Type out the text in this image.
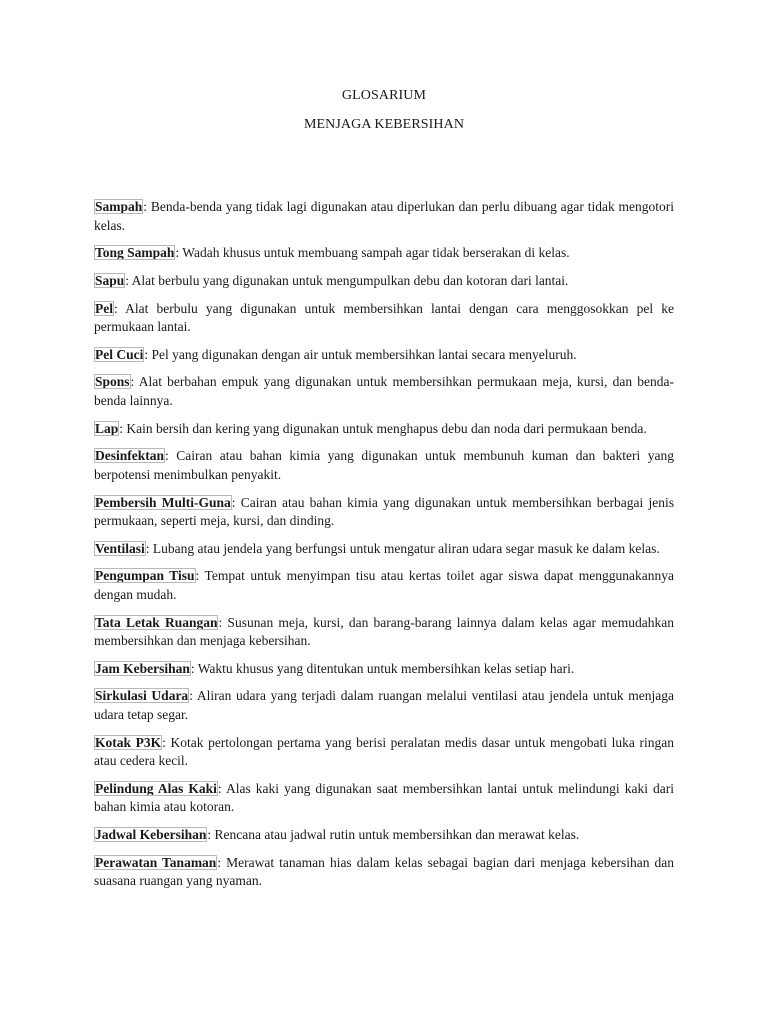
GLOSARIUM
MENJAGA KEBERSIHAN
Sampah: Benda-benda yang tidak lagi digunakan atau diperlukan dan perlu dibuang agar tidak mengotori kelas.
Tong Sampah: Wadah khusus untuk membuang sampah agar tidak berserakan di kelas.
Sapu: Alat berbulu yang digunakan untuk mengumpulkan debu dan kotoran dari lantai.
Pel: Alat berbulu yang digunakan untuk membersihkan lantai dengan cara menggosokkan pel ke permukaan lantai.
Pel Cuci: Pel yang digunakan dengan air untuk membersihkan lantai secara menyeluruh.
Spons: Alat berbahan empuk yang digunakan untuk membersihkan permukaan meja, kursi, dan benda-benda lainnya.
Lap: Kain bersih dan kering yang digunakan untuk menghapus debu dan noda dari permukaan benda.
Desinfektan: Cairan atau bahan kimia yang digunakan untuk membunuh kuman dan bakteri yang berpotensi menimbulkan penyakit.
Pembersih Multi-Guna: Cairan atau bahan kimia yang digunakan untuk membersihkan berbagai jenis permukaan, seperti meja, kursi, dan dinding.
Ventilasi: Lubang atau jendela yang berfungsi untuk mengatur aliran udara segar masuk ke dalam kelas.
Pengumpan Tisu: Tempat untuk menyimpan tisu atau kertas toilet agar siswa dapat menggunakannya dengan mudah.
Tata Letak Ruangan: Susunan meja, kursi, dan barang-barang lainnya dalam kelas agar memudahkan membersihkan dan menjaga kebersihan.
Jam Kebersihan: Waktu khusus yang ditentukan untuk membersihkan kelas setiap hari.
Sirkulasi Udara: Aliran udara yang terjadi dalam ruangan melalui ventilasi atau jendela untuk menjaga udara tetap segar.
Kotak P3K: Kotak pertolongan pertama yang berisi peralatan medis dasar untuk mengobati luka ringan atau cedera kecil.
Pelindung Alas Kaki: Alas kaki yang digunakan saat membersihkan lantai untuk melindungi kaki dari bahan kimia atau kotoran.
Jadwal Kebersihan: Rencana atau jadwal rutin untuk membersihkan dan merawat kelas.
Perawatan Tanaman: Merawat tanaman hias dalam kelas sebagai bagian dari menjaga kebersihan dan suasana ruangan yang nyaman.
